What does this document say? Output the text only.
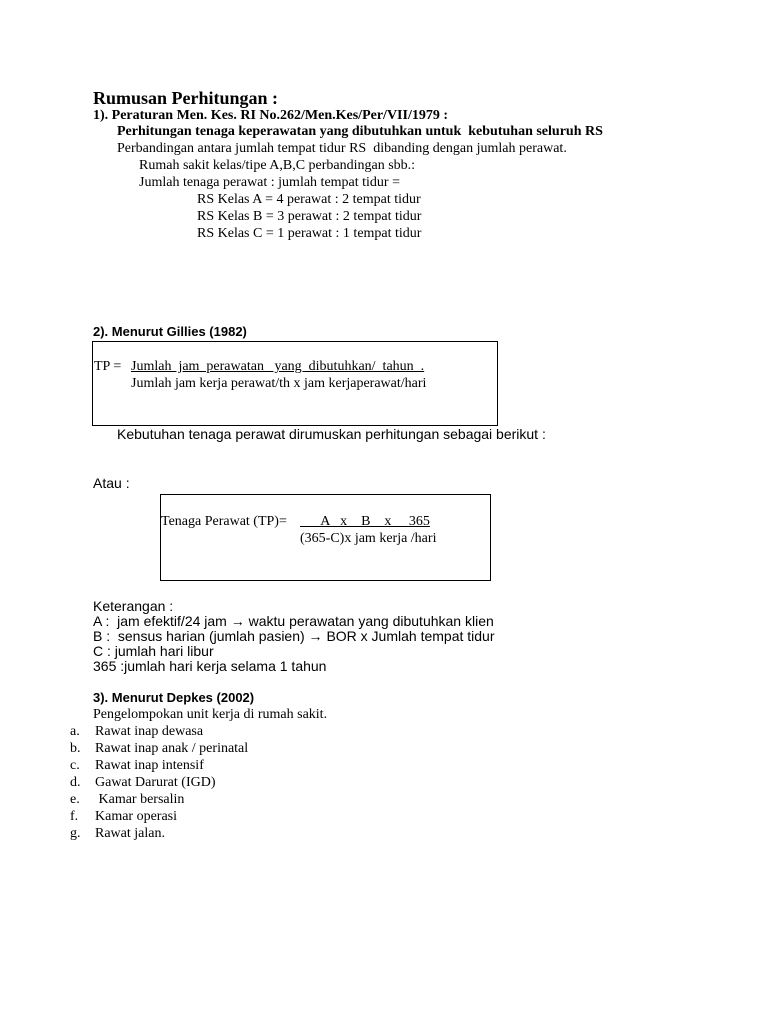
Rumusan Perhitungan :
1). Peraturan Men. Kes. RI No.262/Men.Kes/Per/VII/1979 :
Perhitungan tenaga keperawatan yang dibutuhkan untuk  kebutuhan seluruh RS
Perbandingan antara jumlah tempat tidur RS  dibanding dengan jumlah perawat.
Rumah sakit kelas/tipe A,B,C perbandingan sbb.:
Jumlah tenaga perawat : jumlah tempat tidur =
RS Kelas A = 4 perawat : 2 tempat tidur
RS Kelas B = 3 perawat : 2 tempat tidur
RS Kelas C = 1 perawat : 1 tempat tidur
2). Menurut Gillies (1982)
TP = Jumlah  jam  perawatan   yang  dibutuhkan/  tahun  .
Jumlah jam kerja perawat/th x jam kerjaperawat/hari
Kebutuhan tenaga perawat dirumuskan perhitungan sebagai berikut :
Atau :
Tenaga Perawat (TP)= A   x    B    x     365
(365-C)x jam kerja /hari
Keterangan :
A :  jam efektif/24 jam → waktu perawatan yang dibutuhkan klien
B :  sensus harian (jumlah pasien) → BOR x Jumlah tempat tidur
C : jumlah hari libur
365 :jumlah hari kerja selama 1 tahun
3). Menurut Depkes (2002)
Pengelompokan unit kerja di rumah sakit.
a. Rawat inap dewasa
b. Rawat inap anak / perinatal
c. Rawat inap intensif
d. Gawat Darurat (IGD)
e. Kamar bersalin
f. Kamar operasi
g. Rawat jalan.
